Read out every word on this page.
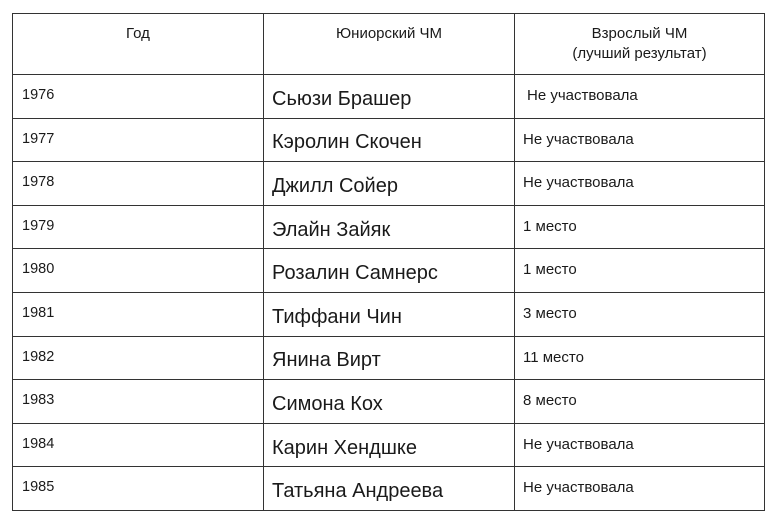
Год	Юниорский ЧМ	Взрослый ЧМ
(лучший результат)

1976	Сьюзи Брашер	Не участвовала
1977	Кэролин Скочен	Не участвовала
1978	Джилл Сойер	Не участвовала
1979	Элайн Зайяк	1 место
1980	Розалин Самнерс	1 место
1981	Тиффани Чин	3 место
1982	Янина Вирт	11 место
1983	Симона Кох	8 место
1984	Карин Хендшке	Не участвовала
1985	Татьяна Андреева	Не участвовала
